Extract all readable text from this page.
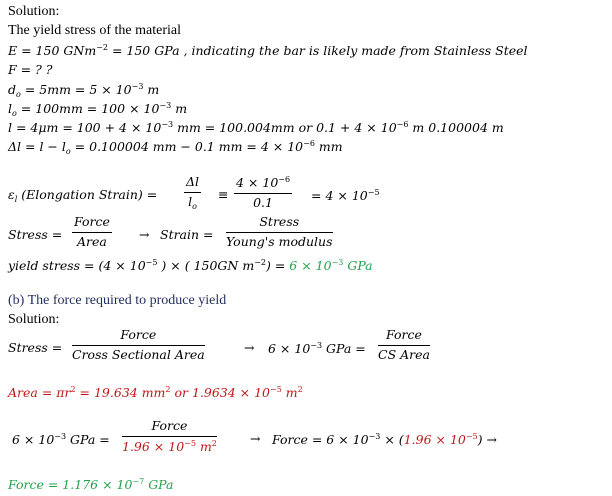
Solution:
The yield stress of the material
E = 150 GNm$^{-2}$ = 150 GPa , indicating the bar is likely made from Stainless Steel
F = ? ?
$d_o = 5mm = 5 \times 10^{-3}$ m
$l_o = 100mm = 100 \times 10^{-3}$ m
$l = 4\mu m = 100 + 4 \times 10^{-3}$ mm = 100.004mm or $0.1 + 4 \times 10^{-6}$ m 0.100004 m
$\Delta l = l - l_o = 0.100004$ mm − 0.1 mm = $4 \times 10^{-6}$ mm
$\varepsilon_l$ (Elongation Strain) = $\frac{\Delta l}{l_o} \equiv \frac{4 \times 10^{-6}}{0.1} = 4 \times 10^{-5}$
Stress =
Force
Area	→ Strain =
Stress
Young's modulus
yield stress = ($4 \times 10^{-5}$ ) × ( 150GN $m^{-2}) = 6 \times 10^{-3}$ GPa
(b) The force required to produce yield
Solution:
Stress =
Force
Cross Sectional Area	→ $6 \times 10^{-3}$ GPa =
Force
CS Area
Area = $\pi r^2 = 19.634$ $mm^2$ or $1.9634 \times 10^{-5}$ $m^2$
$6 \times 10^{-3}$ GPa =
Force
$1.96 \times 10^{-5}$ $m^2$	→ Force = $6 \times 10^{-3} \times (1.96 \times 10^{-5})$ →
Force = $1.176 \times 10^{-7}$ GPa
